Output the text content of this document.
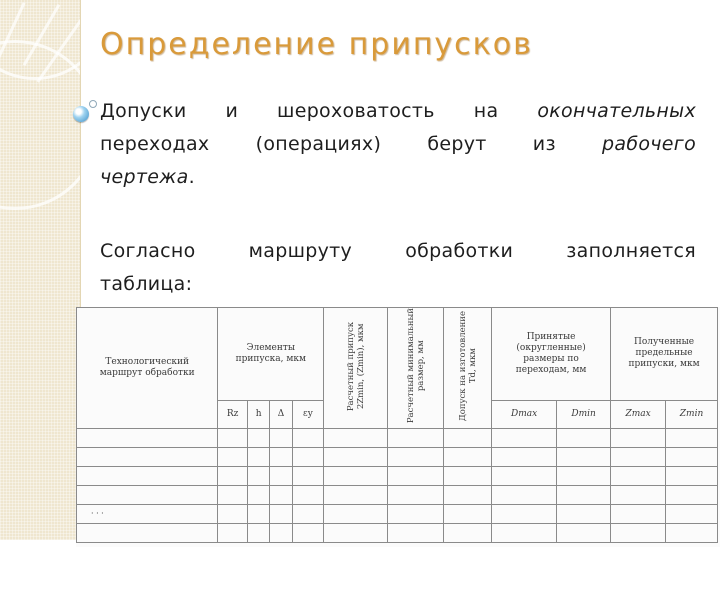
Определение припусков
Допуски и шероховатость на окончательных
переходах (операциях) берут из рабочего
чертежа.
Согласно	маршруту	обработки	заполняется
таблица:
Технологический маршрут обработки	Элементы припуска, мкм				Расчетный припуск 2Zmin, (Zmin), мкм	Расчетный минимальный размер, мм	Допуск на изготовление Td, мкм	Принятые (округленные) размеры по переходам, мм		Полученные предельные припуски, мкм	
	Rz	h	Δ	εy				Dmax	Dmin	Zmax	Zmin

· · ·											
